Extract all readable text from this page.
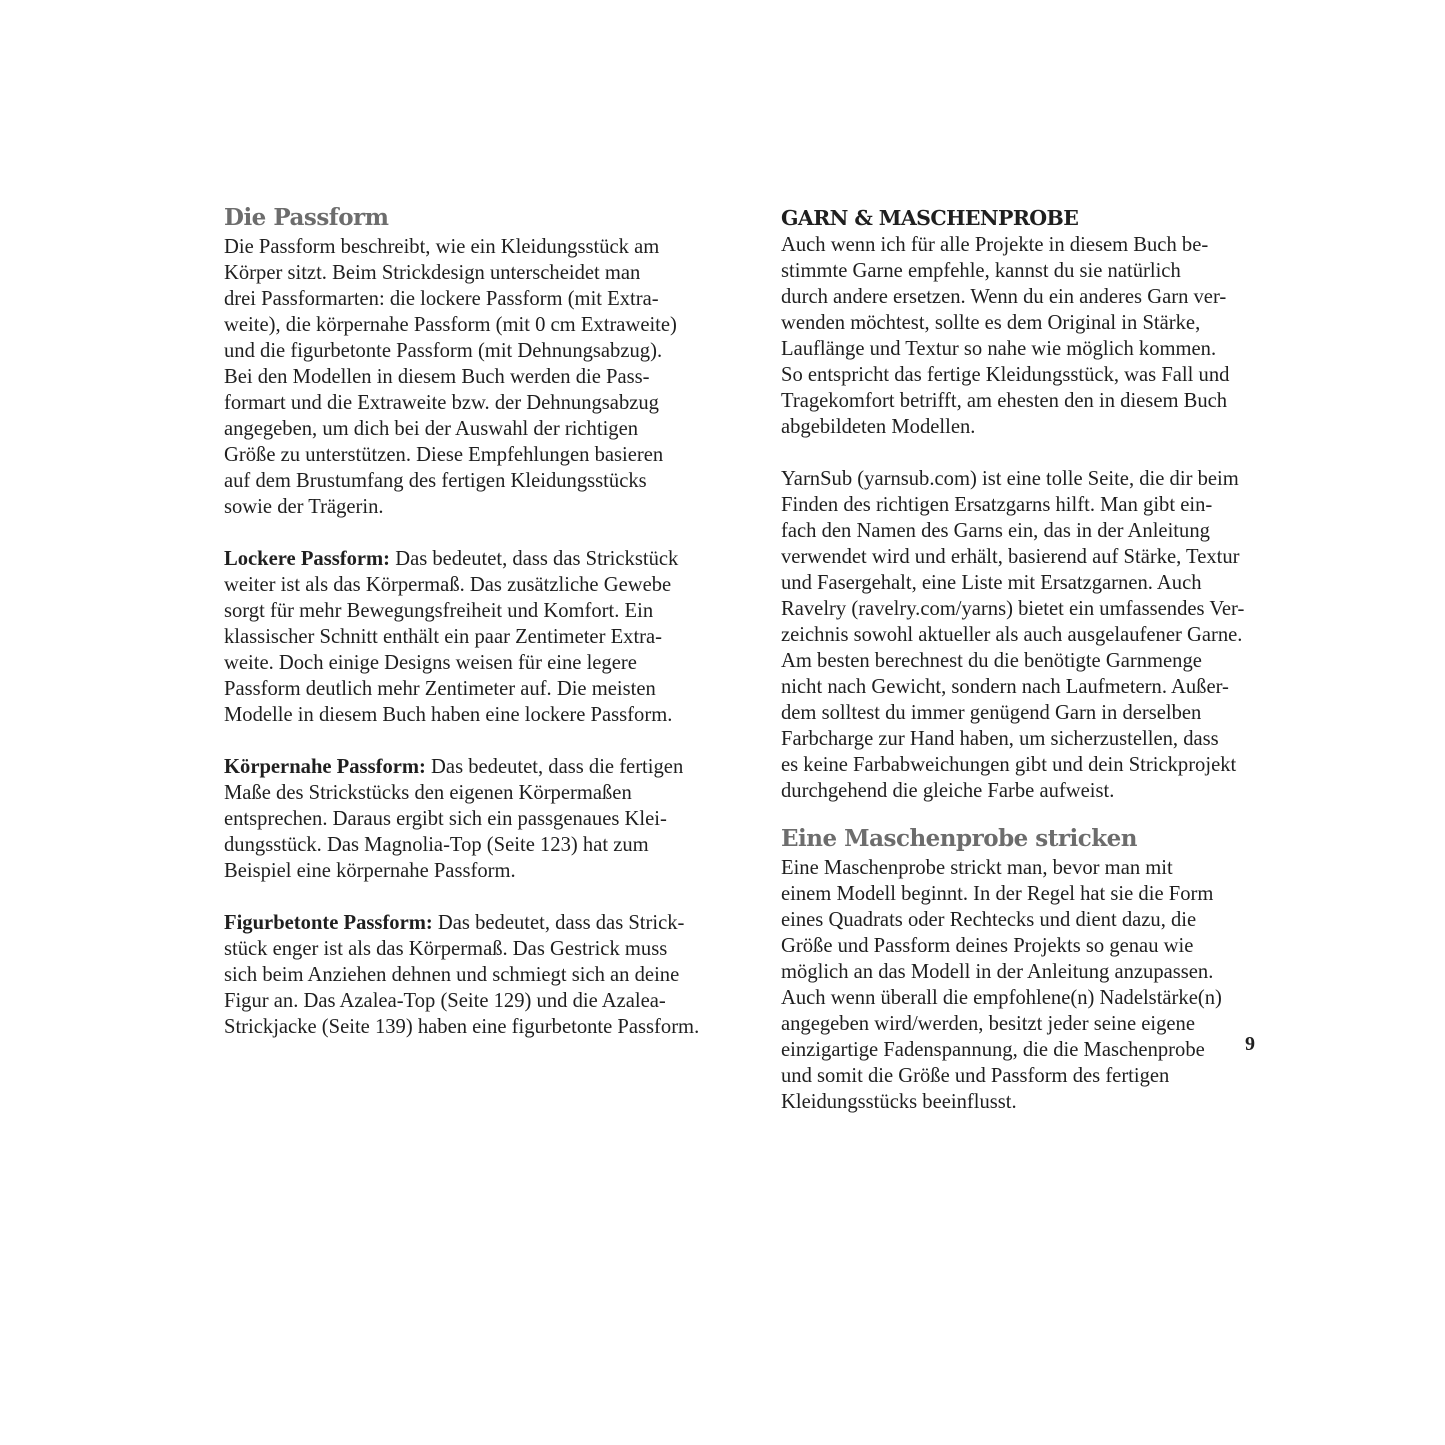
Die Passform

Die Passform beschreibt, wie ein Kleidungsstück am
Körper sitzt. Beim Strickdesign unterscheidet man
drei Passformarten: die lockere Passform (mit Extra-
weite), die körpernahe Passform (mit 0 cm Extraweite)
und die figurbetonte Passform (mit Dehnungsabzug).
Bei den Modellen in diesem Buch werden die Pass-
formart und die Extraweite bzw. der Dehnungsabzug
angegeben, um dich bei der Auswahl der richtigen
Größe zu unterstützen. Diese Empfehlungen basieren
auf dem Brustumfang des fertigen Kleidungsstücks
sowie der Trägerin.

Lockere Passform: Das bedeutet, dass das Strickstück
weiter ist als das Körpermaß. Das zusätzliche Gewebe
sorgt für mehr Bewegungsfreiheit und Komfort. Ein
klassischer Schnitt enthält ein paar Zentimeter Extra-
weite. Doch einige Designs weisen für eine legere
Passform deutlich mehr Zentimeter auf. Die meisten
Modelle in diesem Buch haben eine lockere Passform.

Körpernahe Passform: Das bedeutet, dass die fertigen
Maße des Strickstücks den eigenen Körpermaßen
entsprechen. Daraus ergibt sich ein passgenaues Klei-
dungsstück. Das Magnolia-Top (Seite 123) hat zum
Beispiel eine körpernahe Passform.

Figurbetonte Passform: Das bedeutet, dass das Strick-
stück enger ist als das Körpermaß. Das Gestrick muss
sich beim Anziehen dehnen und schmiegt sich an deine
Figur an. Das Azalea-Top (Seite 129) und die Azalea-
Strickjacke (Seite 139) haben eine figurbetonte Passform.

GARN & MASCHENPROBE

Auch wenn ich für alle Projekte in diesem Buch be-
stimmte Garne empfehle, kannst du sie natürlich
durch andere ersetzen. Wenn du ein anderes Garn ver-
wenden möchtest, sollte es dem Original in Stärke,
Lauflänge und Textur so nahe wie möglich kommen.
So entspricht das fertige Kleidungsstück, was Fall und
Tragekomfort betrifft, am ehesten den in diesem Buch
abgebildeten Modellen.

YarnSub (yarnsub.com) ist eine tolle Seite, die dir beim
Finden des richtigen Ersatzgarns hilft. Man gibt ein-
fach den Namen des Garns ein, das in der Anleitung
verwendet wird und erhält, basierend auf Stärke, Textur
und Fasergehalt, eine Liste mit Ersatzgarnen. Auch
Ravelry (ravelry.com/yarns) bietet ein umfassendes Ver-
zeichnis sowohl aktueller als auch ausgelaufener Garne.
Am besten berechnest du die benötigte Garnmenge
nicht nach Gewicht, sondern nach Laufmetern. Außer-
dem solltest du immer genügend Garn in derselben
Farbcharge zur Hand haben, um sicherzustellen, dass
es keine Farbabweichungen gibt und dein Strickprojekt
durchgehend die gleiche Farbe aufweist.

Eine Maschenprobe stricken

Eine Maschenprobe strickt man, bevor man mit
einem Modell beginnt. In der Regel hat sie die Form
eines Quadrats oder Rechtecks und dient dazu, die
Größe und Passform deines Projekts so genau wie
möglich an das Modell in der Anleitung anzupassen.
Auch wenn überall die empfohlene(n) Nadelstärke(n)
angegeben wird/werden, besitzt jeder seine eigene
einzigartige Fadenspannung, die die Maschenprobe
und somit die Größe und Passform des fertigen
Kleidungsstücks beeinflusst.

9
